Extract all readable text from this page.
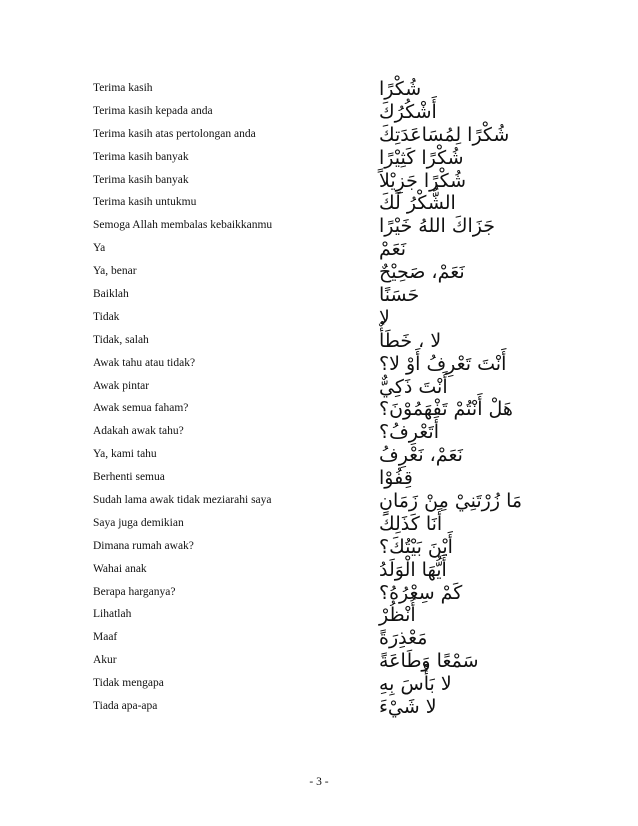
Terima kasih	شُكْرًا
Terima kasih kepada anda	أَشْكُرُكَ
Terima kasih atas pertolongan anda	شُكْرًا لِمُسَاعَدَتِكَ
Terima kasih banyak	شُكْرًا كَثِيْرًا
Terima kasih banyak	شُكْرًا جَزِيْلاً
Terima kasih untukmu	الشُّكْرُ لَكَ
Semoga Allah membalas kebaikkanmu	جَزَاكَ اللهُ خَيْرًا
Ya	نَعَمْ
Ya, benar	نَعَمْ، صَحِيْحٌ
Baiklah	حَسَنًا
Tidak	لا
Tidak, salah	لا ، خَطَأٌ
Awak tahu atau tidak?	أَنْتَ تَعْرِفُ أَوْ لا؟
Awak pintar	أَنْتَ ذَكِيٌّ
Awak semua faham?	هَلْ أَنْتُمْ تَفْهَمُوْنَ؟
Adakah awak tahu?	أَتَعْرِفُ؟
Ya, kami tahu	نَعَمْ، نَعْرِفُ
Berhenti semua	قِفُوْا
Sudah lama awak tidak meziarahi saya	مَا زُرْتَنِيْ مِنْ زَمَانٍ
Saya juga demikian	أَنَا كَذَلِكَ
Dimana rumah awak?	أَيْنَ بَيْتُكَ؟
Wahai anak	أَيُّهَا الْوَلَدُ
Berapa harganya?	كَمْ سِعْرُهُ؟
Lihatlah	أُنْظُرْ
Maaf	مَعْذِرَةً
Akur	سَمْعًا وَطَاعَةً
Tidak mengapa	لا بَأْسَ بِهِ
Tiada apa-apa	لا شَيْءَ
- 3 -
